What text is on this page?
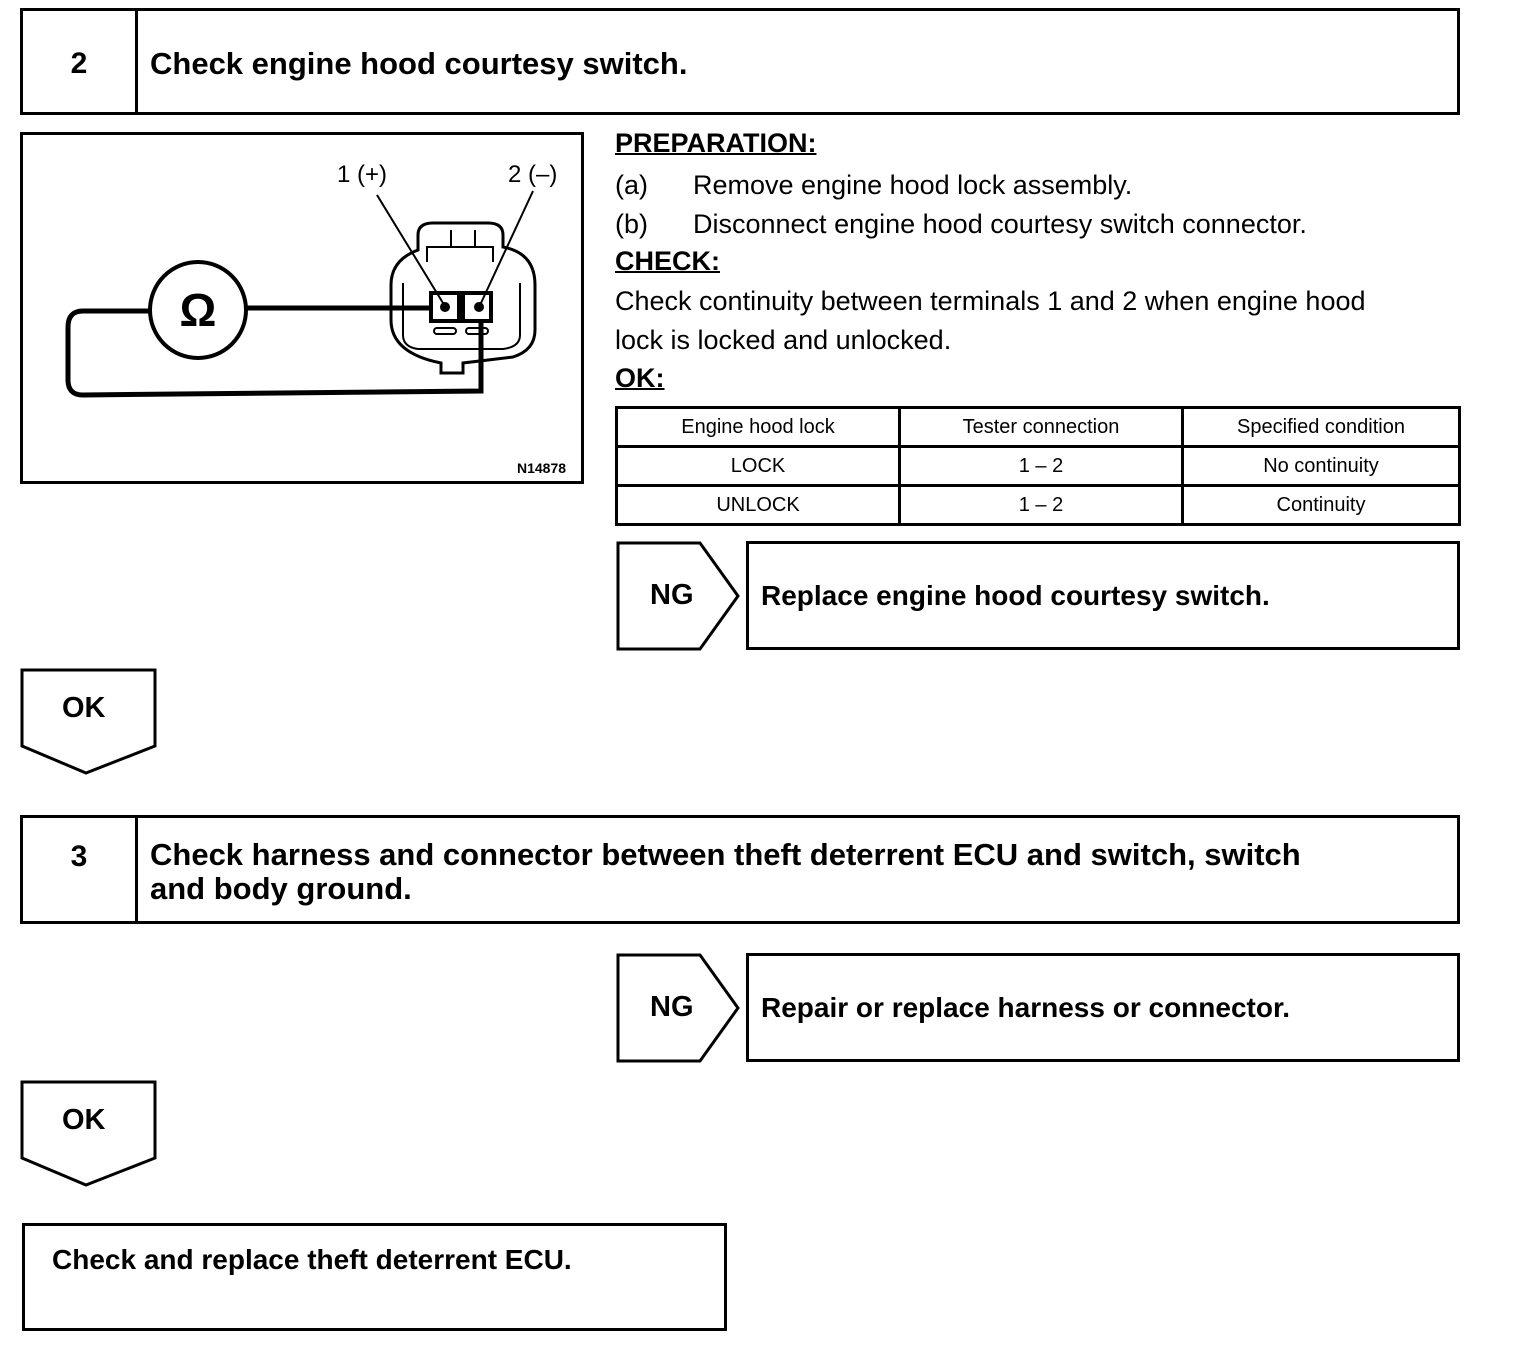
2	Check engine hood courtesy switch.
Ω
1 (+)	2 (–)
N14878
PREPARATION:
(a)	Remove engine hood lock assembly.
(b)	Disconnect engine hood courtesy switch connector.
CHECK:
Check continuity between terminals 1 and 2 when engine hood
lock is locked and unlocked.
OK:
Engine hood lock	Tester connection	Specified condition
LOCK	1 – 2	No continuity
UNLOCK	1 – 2	Continuity
NG	Replace engine hood courtesy switch.
OK
3	Check harness and connector between theft deterrent ECU and switch, switch
and body ground.
NG	Repair or replace harness or connector.
OK
Check and replace theft deterrent ECU.
